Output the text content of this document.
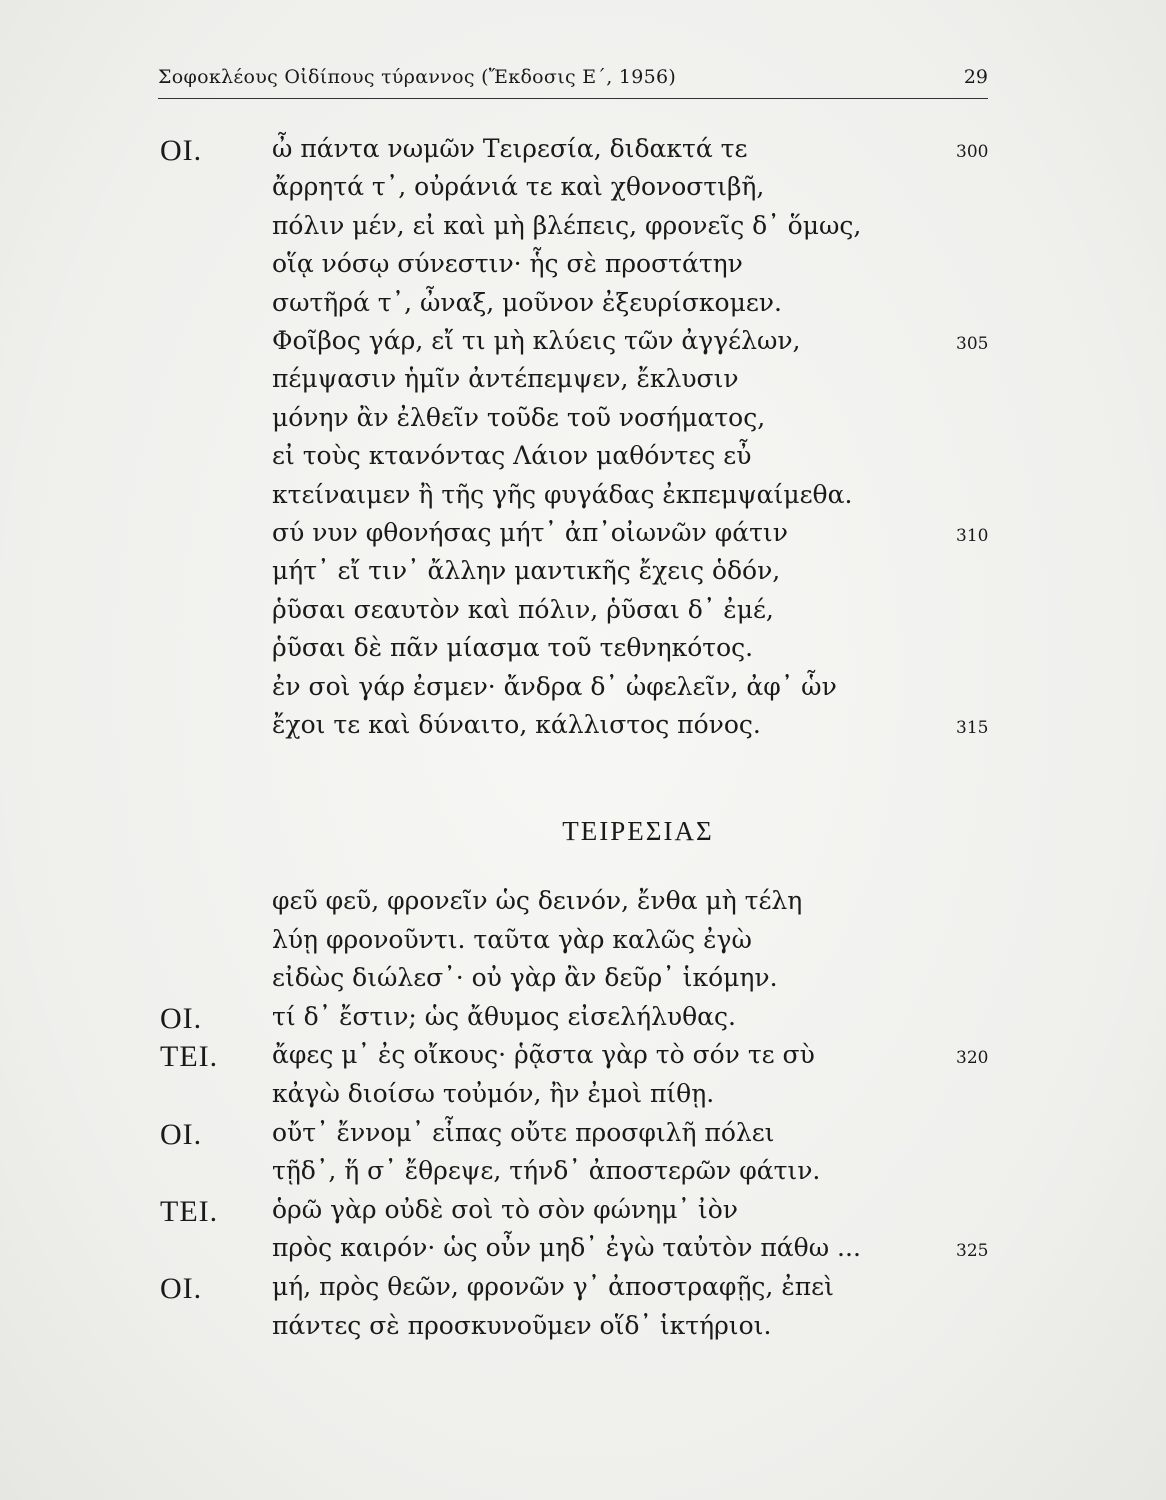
Σοφοκλέους Οἰδίπους τύραννος (Ἔκδοσις Ε΄, 1956)	29
ΟΙ.	ὦ πάντα νωμῶν Τειρεσία, διδακτά τε	300
ἄρρητά τ᾽, οὐράνιά τε καὶ χθονοστιβῆ,
πόλιν μέν, εἰ καὶ μὴ βλέπεις, φρονεῖς δ᾽ ὅμως,
οἵᾳ νόσῳ σύνεστιν· ἧς σὲ προστάτην
σωτῆρά τ᾽, ὦναξ, μοῦνον ἐξευρίσκομεν.
Φοῖβος γάρ, εἴ τι μὴ κλύεις τῶν ἀγγέλων,	305
πέμψασιν ἡμῖν ἀντέπεμψεν, ἔκλυσιν
μόνην ἂν ἐλθεῖν τοῦδε τοῦ νοσήματος,
εἰ τοὺς κτανόντας Λάιον μαθόντες εὖ
κτείναιμεν ἢ τῆς γῆς φυγάδας ἐκπεμψαίμεθα.
σύ νυν φθονήσας μήτ᾽ ἀπ᾽οἰωνῶν φάτιν	310
μήτ᾽ εἴ τιν᾽ ἄλλην μαντικῆς ἔχεις ὁδόν,
ῥῦσαι σεαυτὸν καὶ πόλιν, ῥῦσαι δ᾽ ἐμέ,
ῥῦσαι δὲ πᾶν μίασμα τοῦ τεθνηκότος.
ἐν σοὶ γάρ ἐσμεν· ἄνδρα δ᾽ ὠφελεῖν, ἀφ᾽ ὧν
ἔχοι τε καὶ δύναιτο, κάλλιστος πόνος.	315
φεῦ φεῦ, φρονεῖν ὡς δεινόν, ἔνθα μὴ τέλη
λύῃ φρονοῦντι. ταῦτα γὰρ καλῶς ἐγὼ
εἰδὼς διώλεσ᾽· οὐ γὰρ ἂν δεῦρ᾽ ἱκόμην.
ΟΙ.	τί δ᾽ ἔστιν; ὡς ἄθυμος εἰσελήλυθας.
ΤΕΙ. ἄφες μ᾽ ἐς οἴκους· ῥᾷστα γὰρ τὸ σόν τε σὺ	320
κἀγὼ διοίσω τοὐμόν, ἢν ἐμοὶ πίθῃ.
ΟΙ.	οὔτ᾽ ἔννομ᾽ εἶπας οὔτε προσφιλῆ πόλει
τῇδ᾽, ἥ σ᾽ ἔθρεψε, τήνδ᾽ ἀποστερῶν φάτιν.
ΤΕΙ. ὁρῶ γὰρ οὐδὲ σοὶ τὸ σὸν φώνημ᾽ ἰὸν
πρὸς καιρόν· ὡς οὖν μηδ᾽ ἐγὼ ταὐτὸν πάθω ...	325
ΟΙ.	μή, πρὸς θεῶν, φρονῶν γ᾽ ἀποστραφῇς, ἐπεὶ
πάντες σὲ προσκυνοῦμεν οἵδ᾽ ἱκτήριοι.
ΤΕΙΡΕΣΙΑΣ
